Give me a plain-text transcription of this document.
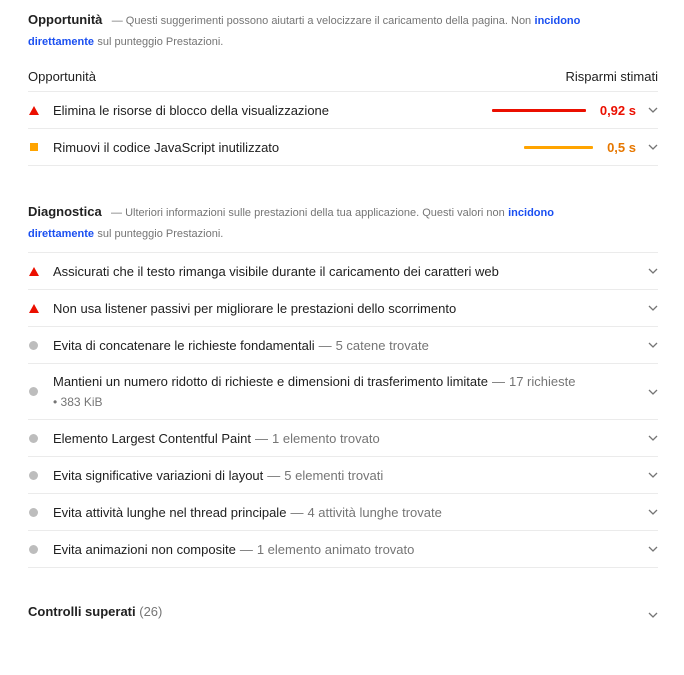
Opportunità — Questi suggerimenti possono aiutarti a velocizzare il caricamento della pagina. Non incidono
direttamente sul punteggio Prestazioni.
Opportunità	Risparmi stimati
Elimina le risorse di blocco della visualizzazione	0,92 s
Rimuovi il codice JavaScript inutilizzato	0,5 s
Diagnostica — Ulteriori informazioni sulle prestazioni della tua applicazione. Questi valori non incidono
direttamente sul punteggio Prestazioni.
Assicurati che il testo rimanga visibile durante il caricamento dei caratteri web
Non usa listener passivi per migliorare le prestazioni dello scorrimento
Evita di concatenare le richieste fondamentali — 5 catene trovate
Mantieni un numero ridotto di richieste e dimensioni di trasferimento limitate — 17 richieste
• 383 KiB
Elemento Largest Contentful Paint — 1 elemento trovato
Evita significative variazioni di layout — 5 elementi trovati
Evita attività lunghe nel thread principale — 4 attività lunghe trovate
Evita animazioni non composite — 1 elemento animato trovato
Controlli superati (26)
